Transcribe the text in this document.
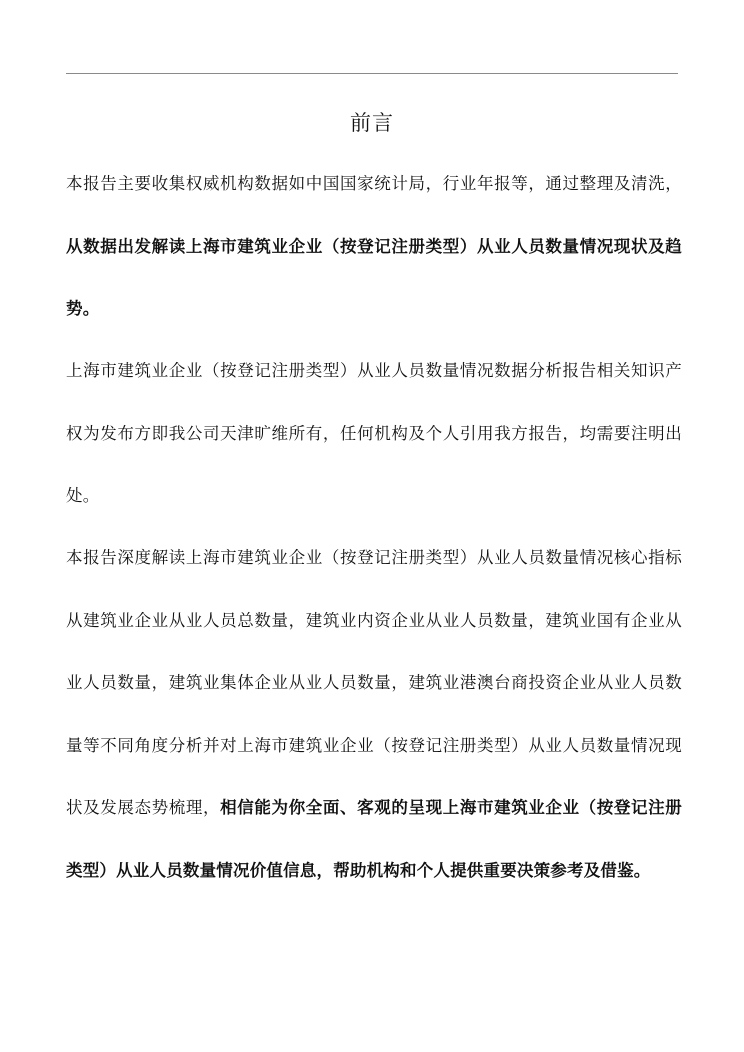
前言

本报告主要收集权威机构数据如中国国家统计局，行业年报等，通过整理及清洗，从数据出发解读上海市建筑业企业（按登记注册类型）从业人员数量情况现状及趋势。

上海市建筑业企业（按登记注册类型）从业人员数量情况数据分析报告相关知识产权为发布方即我公司天津旷维所有，任何机构及个人引用我方报告，均需要注明出处。

本报告深度解读上海市建筑业企业（按登记注册类型）从业人员数量情况核心指标从建筑业企业从业人员总数量，建筑业内资企业从业人员数量，建筑业国有企业从业人员数量，建筑业集体企业从业人员数量，建筑业港澳台商投资企业从业人员数量等不同角度分析并对上海市建筑业企业（按登记注册类型）从业人员数量情况现状及发展态势梳理，相信能为你全面、客观的呈现上海市建筑业企业（按登记注册类型）从业人员数量情况价值信息，帮助机构和个人提供重要决策参考及借鉴。
